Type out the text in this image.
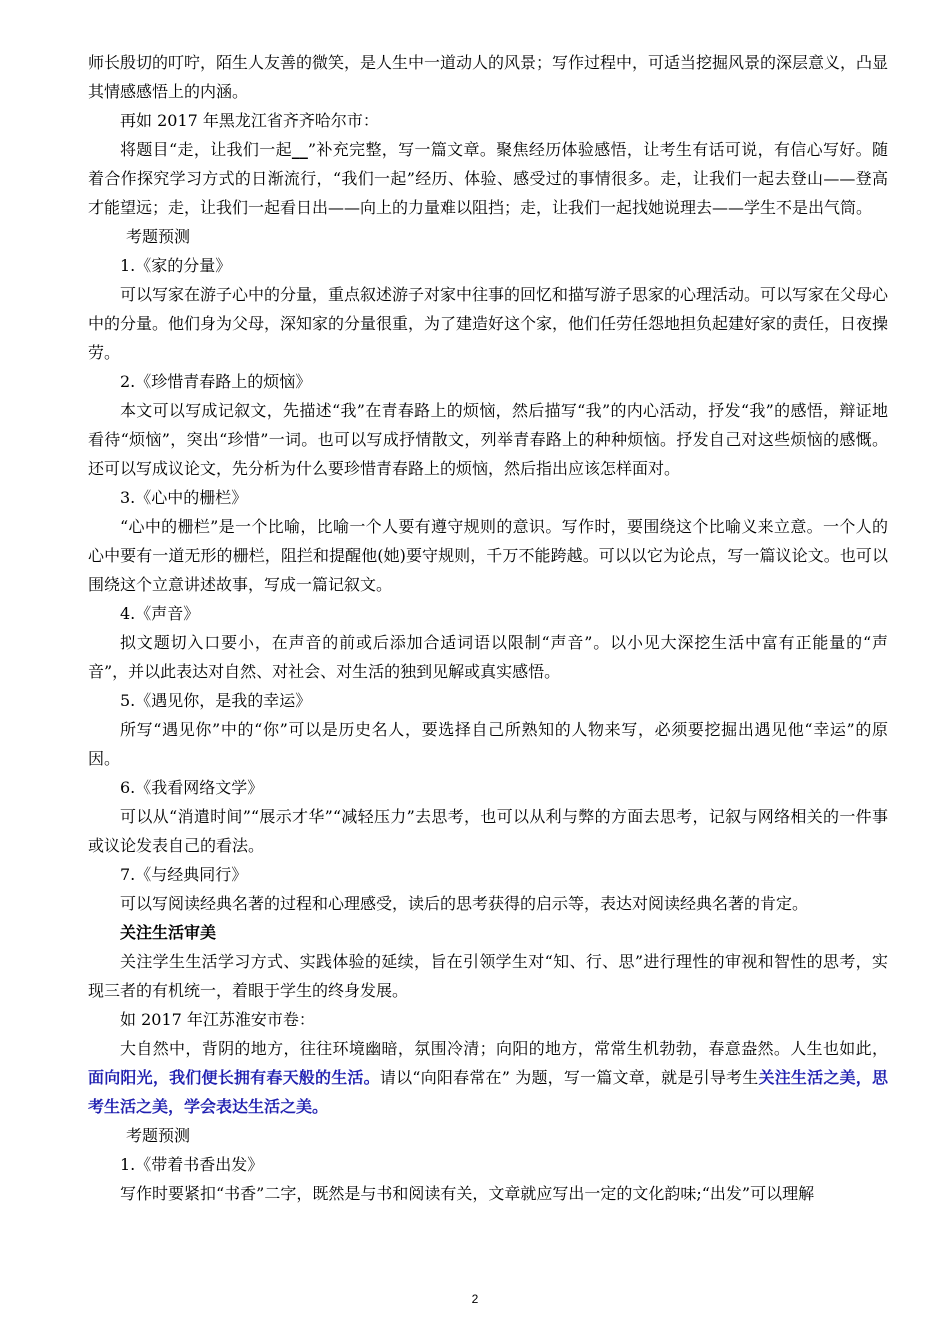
师长殷切的叮咛，陌生人友善的微笑，是人生中一道动人的风景；写作过程中，可适当挖掘风景的深层意义，凸显其情感感悟上的内涵。

再如 2017 年黑龙江省齐齐哈尔市：

将题目“走，让我们一起__”补充完整，写一篇文章。聚焦经历体验感悟，让考生有话可说，有信心写好。随着合作探究学习方式的日渐流行，“我们一起”经历、体验、感受过的事情很多。走，让我们一起去登山——登高才能望远；走，让我们一起看日出——向上的力量难以阻挡；走，让我们一起找她说理去——学生不是出气筒。

考题预测

1.《家的分量》

可以写家在游子心中的分量，重点叙述游子对家中往事的回忆和描写游子思家的心理活动。可以写家在父母心中的分量。他们身为父母，深知家的分量很重，为了建造好这个家，他们任劳任怨地担负起建好家的责任，日夜操劳。

2.《珍惜青春路上的烦恼》

本文可以写成记叙文，先描述“我”在青春路上的烦恼，然后描写“我”的内心活动，抒发“我”的感悟，辩证地看待“烦恼”，突出“珍惜”一词。也可以写成抒情散文，列举青春路上的种种烦恼。抒发自己对这些烦恼的感慨。还可以写成议论文，先分析为什么要珍惜青春路上的烦恼，然后指出应该怎样面对。

3.《心中的栅栏》

“心中的栅栏”是一个比喻，比喻一个人要有遵守规则的意识。写作时，要围绕这个比喻义来立意。一个人的心中要有一道无形的栅栏，阻拦和提醒他(她)要守规则，千万不能跨越。可以以它为论点，写一篇议论文。也可以围绕这个立意讲述故事，写成一篇记叙文。

4.《声音》

拟文题切入口要小，在声音的前或后添加合适词语以限制“声音”。以小见大深挖生活中富有正能量的“声音”，并以此表达对自然、对社会、对生活的独到见解或真实感悟。

5.《遇见你，是我的幸运》

所写“遇见你”中的“你”可以是历史名人，要选择自己所熟知的人物来写，必须要挖掘出遇见他“幸运”的原因。

6.《我看网络文学》

可以从“消遣时间”“展示才华”“减轻压力”去思考，也可以从利与弊的方面去思考，记叙与网络相关的一件事或议论发表自己的看法。

7.《与经典同行》

可以写阅读经典名著的过程和心理感受，读后的思考获得的启示等，表达对阅读经典名著的肯定。

关注生活审美

关注学生生活学习方式、实践体验的延续，旨在引领学生对“知、行、思”进行理性的审视和智性的思考，实现三者的有机统一，着眼于学生的终身发展。

如 2017 年江苏淮安市卷：

大自然中，背阴的地方，往往环境幽暗，氛围冷清；向阳的地方，常常生机勃勃，春意盎然。人生也如此，面向阳光，我们便长拥有春天般的生活。请以“向阳春常在” 为题，写一篇文章，就是引导考生关注生活之美，思考生活之美，学会表达生活之美。

考题预测

1.《带着书香出发》

写作时要紧扣“书香”二字，既然是与书和阅读有关，文章就应写出一定的文化韵味;“出发”可以理解

2
